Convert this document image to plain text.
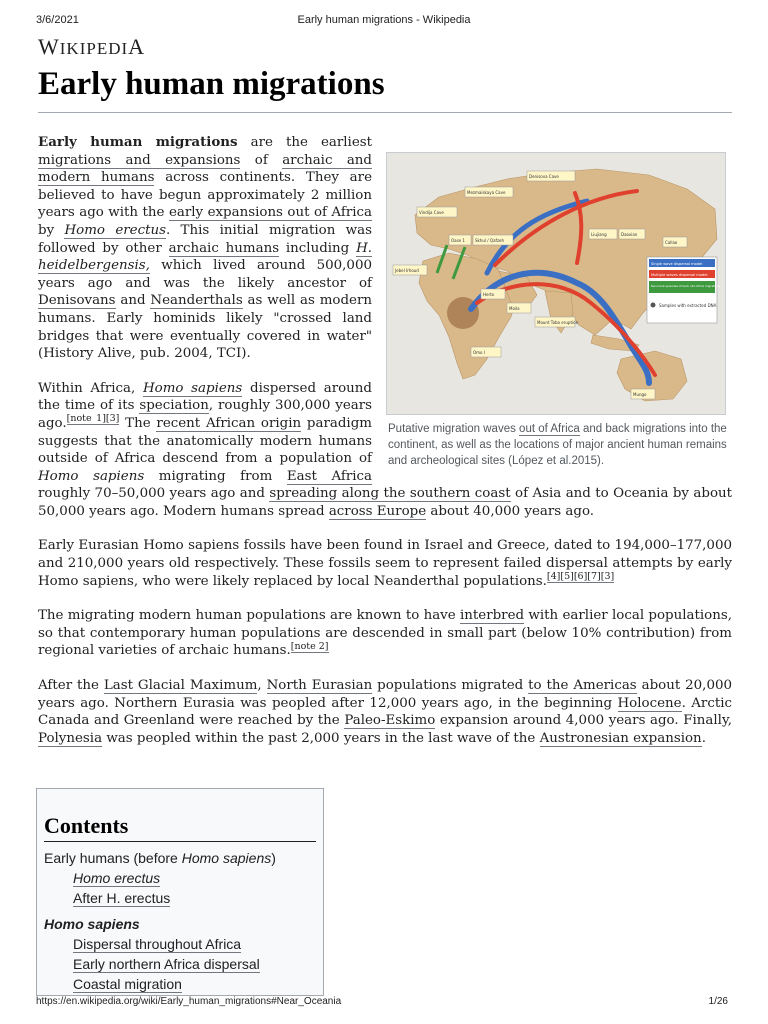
3/6/2021	Early human migrations - Wikipedia
WIKIPEDIA
Early human migrations
Samples with extracted DNA
Denisova Cave
Mezmaiskaya Cave
Vindija Cave
Oase 1	Skhul / Qafzeh
Jebel Irhoud
Herto
Omo I
Moila
Mount Toba eruption
Liujiang	Daoxian
Callao
Mungo
Single wave dispersal model
Multiple waves dispersal model
Recurrent episodes of back into Africa migrations
Putative migration waves out of Africa and back migrations into the continent, as well as the locations of major ancient human remains and archeological sites (López et al.2015).

Early human migrations are the earliest migrations and expansions of archaic and modern humans across continents. They are believed to have begun approximately 2 million years ago with the early expansions out of Africa by Homo erectus. This initial migration was followed by other archaic humans including H. heidelbergensis, which lived around 500,000 years ago and was the likely ancestor of Denisovans and Neanderthals as well as modern humans. Early hominids likely "crossed land bridges that were eventually covered in water" (History Alive, pub. 2004, TCI).

Within Africa, Homo sapiens dispersed around the time of its speciation, roughly 300,000 years ago.[note 1][3] The recent African origin paradigm suggests that the anatomically modern humans outside of Africa descend from a population of Homo sapiens migrating from East Africa roughly 70–50,000 years ago and spreading along the southern coast of Asia and to Oceania by about 50,000 years ago. Modern humans spread across Europe about 40,000 years ago.

Early Eurasian Homo sapiens fossils have been found in Israel and Greece, dated to 194,000–177,000 and 210,000 years old respectively. These fossils seem to represent failed dispersal attempts by early Homo sapiens, who were likely replaced by local Neanderthal populations.[4][5][6][7][3]

The migrating modern human populations are known to have interbred with earlier local populations, so that contemporary human populations are descended in small part (below 10% contribution) from regional varieties of archaic humans.[note 2]

After the Last Glacial Maximum, North Eurasian populations migrated to the Americas about 20,000 years ago. Northern Eurasia was peopled after 12,000 years ago, in the beginning Holocene. Arctic Canada and Greenland were reached by the Paleo-Eskimo expansion around 4,000 years ago. Finally, Polynesia was peopled within the past 2,000 years in the last wave of the Austronesian expansion.

Contents
Early humans (before Homo sapiens)
Homo erectus
After H. erectus
Homo sapiens
Dispersal throughout Africa
Early northern Africa dispersal
Coastal migration
https://en.wikipedia.org/wiki/Early_human_migrations#Near_Oceania	1/26
